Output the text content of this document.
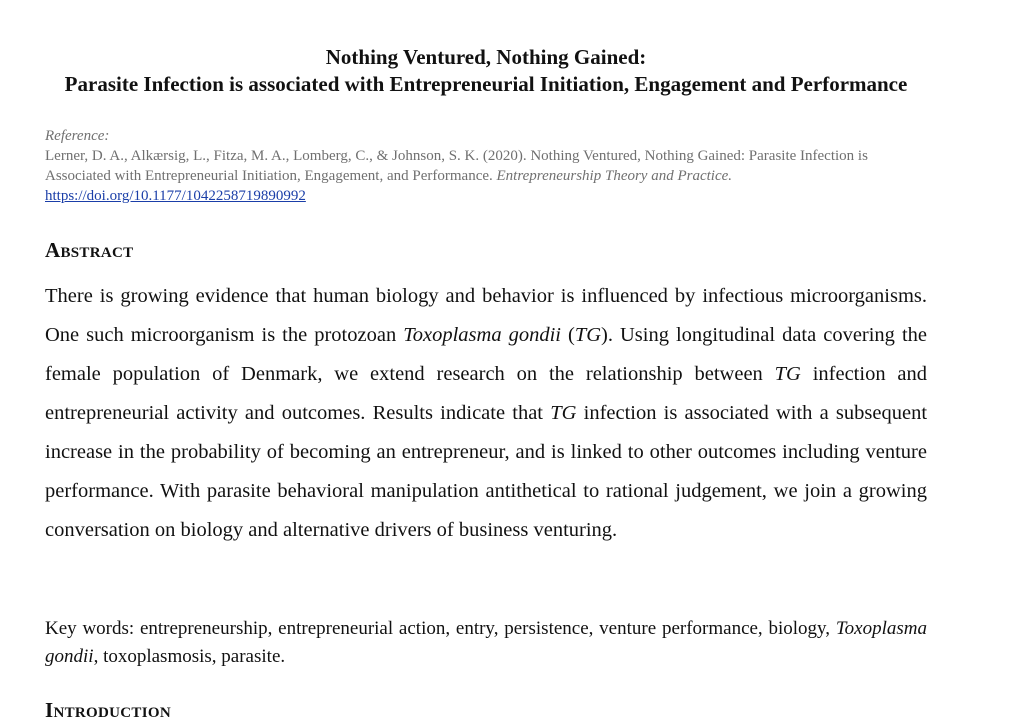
Nothing Ventured, Nothing Gained:
Parasite Infection is associated with Entrepreneurial Initiation, Engagement and Performance
Reference:
Lerner, D. A., Alkærsig, L., Fitza, M. A., Lomberg, C., & Johnson, S. K. (2020). Nothing Ventured, Nothing Gained: Parasite Infection is Associated with Entrepreneurial Initiation, Engagement, and Performance. Entrepreneurship Theory and Practice.
https://doi.org/10.1177/1042258719890992
Abstract

There is growing evidence that human biology and behavior is influenced by infectious microorganisms. One such microorganism is the protozoan Toxoplasma gondii (TG). Using longitudinal data covering the female population of Denmark, we extend research on the relationship between TG infection and entrepreneurial activity and outcomes. Results indicate that TG infection is associated with a subsequent increase in the probability of becoming an entrepreneur, and is linked to other outcomes including venture performance. With parasite behavioral manipulation antithetical to rational judgement, we join a growing conversation on biology and alternative drivers of business venturing.

Key words: entrepreneurship, entrepreneurial action, entry, persistence, venture performance, biology, Toxoplasma gondii, toxoplasmosis, parasite.

Introduction
